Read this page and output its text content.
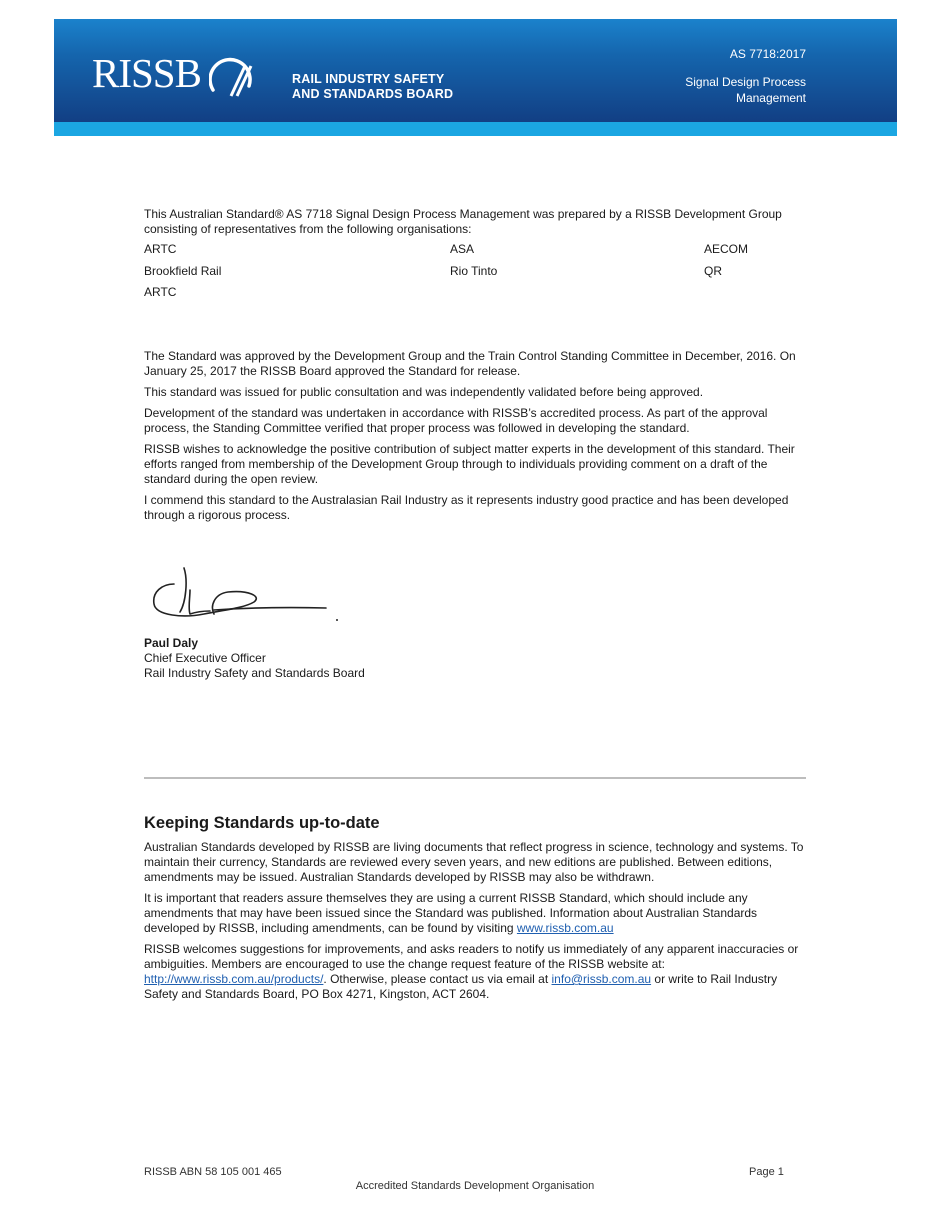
RISSB	RAIL INDUSTRY SAFETY
AND STANDARDS BOARD
AS 7718:2017
Signal Design Process Management
This Australian Standard® AS 7718 Signal Design Process Management was prepared by a RISSB Development Group consisting of representatives from the following organisations:
ARTC	ASA	AECOM
Brookfield Rail	Rio Tinto	QR
ARTC

The Standard was approved by the Development Group and the Train Control Standing Committee in December, 2016. On January 25, 2017 the RISSB Board approved the Standard for release.

This standard was issued for public consultation and was independently validated before being approved.

Development of the standard was undertaken in accordance with RISSB’s accredited process. As part of the approval process, the Standing Committee verified that proper process was followed in developing the standard.

RISSB wishes to acknowledge the positive contribution of subject matter experts in the development of this standard. Their efforts ranged from membership of the Development Group through to individuals providing comment on a draft of the standard during the open review.

I commend this standard to the Australasian Rail Industry as it represents industry good practice and has been developed through a rigorous process.

Paul Daly
Chief Executive Officer
Rail Industry Safety and Standards Board
Keeping Standards up-to-date

Australian Standards developed by RISSB are living documents that reflect progress in science, technology and systems. To maintain their currency, Standards are reviewed every seven years, and new editions are published. Between editions, amendments may be issued. Australian Standards developed by RISSB may also be withdrawn.

It is important that readers assure themselves they are using a current RISSB Standard, which should include any amendments that may have been issued since the Standard was published. Information about Australian Standards developed by RISSB, including amendments, can be found by visiting www.rissb.com.au

RISSB welcomes suggestions for improvements, and asks readers to notify us immediately of any apparent inaccuracies or ambiguities. Members are encouraged to use the change request feature of the RISSB website at: http://www.rissb.com.au/products/. Otherwise, please contact us via email at info@rissb.com.au or write to Rail Industry Safety and Standards Board, PO Box 4271, Kingston, ACT 2604.

RISSB ABN 58 105 001 465	Page 1
Accredited Standards Development Organisation
